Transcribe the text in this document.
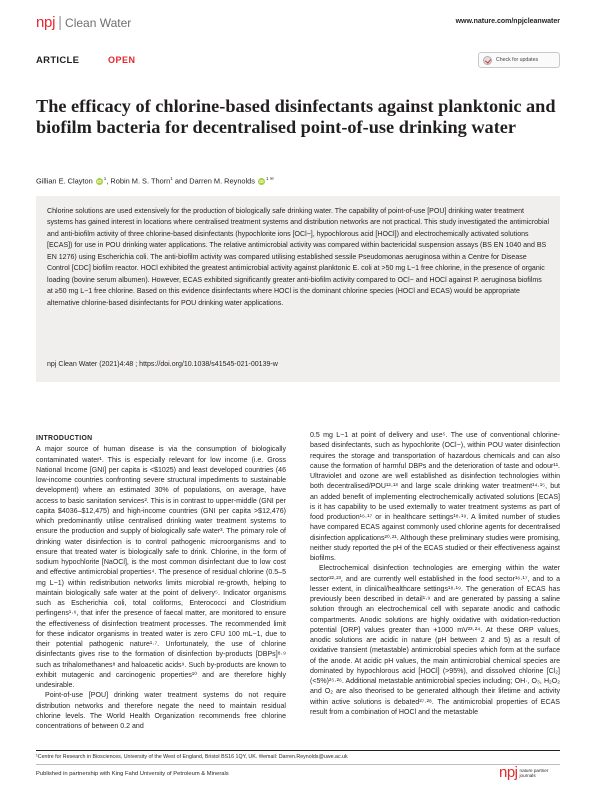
npj | Clean Water	www.nature.com/npjcleanwater
ARTICLE	OPEN	Check for updates
The efficacy of chlorine-based disinfectants against planktonic and biofilm bacteria for decentralised point-of-use drinking water
Gillian E. Clayton $iD^1$, Robin M. S. Thorn$^1$ and Darren M. Reynolds $iD^{1 ✉}$

Chlorine solutions are used extensively for the production of biologically safe drinking water. The capability of point-of-use [POU] drinking water treatment systems has gained interest in locations where centralised treatment systems and distribution networks are not practical. This study investigated the antimicrobial and anti-biofilm activity of three chlorine-based disinfectants (hypochlorite ions [OCl−], hypochlorous acid [HOCl]) and electrochemically activated solutions [ECAS]) for use in POU drinking water applications. The relative antimicrobial activity was compared within bactericidal suspension assays (BS EN 1040 and BS EN 1276) using Escherichia coli. The anti-biofilm activity was compared utilising established sessile Pseudomonas aeruginosa within a Centre for Disease Control [CDC] biofilm reactor. HOCl exhibited the greatest antimicrobial activity against planktonic E. coli at >50 mg L−1 free chlorine, in the presence of organic loading (bovine serum albumen). However, ECAS exhibited significantly greater anti-biofilm activity compared to OCl− and HOCl against P. aeruginosa biofilms at ≥50 mg L−1 free chlorine. Based on this evidence disinfectants where HOCl is the dominant chlorine species (HOCl and ECAS) would be appropriate alternative chlorine-based disinfectants for POU drinking water applications.

npj Clean Water (2021)4:48 ; https://doi.org/10.1038/s41545-021-00139-w

INTRODUCTION

A major source of human disease is via the consumption of biologically contaminated water¹. This is especially relevant for low income (i.e. Gross National Income [GNI] per capita is <$1025) and least developed countries (46 low-income countries confronting severe structural impediments to sustainable development) where an estimated 30% of populations, on average, have access to basic sanitation services². This is in contrast to upper-middle (GNI per capita $4036–$12,475) and high-income countries (GNI per capita >$12,476) which predominantly utilise centralised drinking water treatment systems to ensure the production and supply of biologically safe water³. The primary role of drinking water disinfection is to control pathogenic microorganisms and to ensure that treated water is biologically safe to drink. Chlorine, in the form of sodium hypochlorite [NaOCl], is the most common disinfectant due to low cost and effective antimicrobial properties⁴. The presence of residual chlorine (0.5–5 mg L−1) within redistribution networks limits microbial re-growth, helping to maintain biologically safe water at the point of delivery⁵. Indicator organisms such as Escherichia coli, total coliforms, Enterococci and Clostridium perfingens¹·⁶, that infer the presence of faecal matter, are monitored to ensure the effectiveness of disinfection treatment processes. The recommended limit for these indicator organisms in treated water is zero CFU 100 mL−1, due to their potential pathogenic nature¹·⁷. Unfortunately, the use of chlorine disinfectants gives rise to the formation of disinfection by-products [DBPs]⁸·⁹ such as trihalomethanes⁸ and haloacetic acids⁹. Such by-products are known to exhibit mutagenic and carcinogenic properties¹⁰ and are therefore highly undesirable.

Point-of-use [POU] drinking water treatment systems do not require distribution networks and therefore negate the need to maintain residual chlorine levels. The World Health Organization recommends free chlorine concentrations of between 0.2 and

0.5 mg L−1 at point of delivery and use⁵. The use of conventional chlorine-based disinfectants, such as hypochlorite (OCl−), within POU water disinfection requires the storage and transportation of hazardous chemicals and can also cause the formation of harmful DBPs and the deterioration of taste and odour¹¹. Ultraviolet and ozone are well established as disinfection technologies within both decentralised/POU¹²·¹³ and large scale drinking water treatment¹⁴·¹⁵, but an added benefit of implementing electrochemically activated solutions [ECAS] is it has capability to be used externally to water treatment systems as part of food production¹⁶·¹⁷ or in healthcare settings¹⁸·¹⁹. A limited number of studies have compared ECAS against commonly used chlorine agents for decentralised disinfection applications²⁰·²¹. Although these preliminary studies were promising, neither study reported the pH of the ECAS studied or their effectiveness against biofilms.

Electrochemical disinfection technologies are emerging within the water sector²²·²³, and are currently well established in the food sector¹⁶·¹⁷, and to a lesser extent, in clinical/healthcare settings¹⁸·¹⁹. The generation of ECAS has previously been described in detail¹·⁹ and are generated by passing a saline solution through an electrochemical cell with separate anodic and cathodic compartments. Anodic solutions are highly oxidative with oxidation-reduction potential [ORP] values greater than +1000 mV²³·²⁴. At these ORP values, anodic solutions are acidic in nature (pH between 2 and 5) as a result of oxidative transient (metastable) antimicrobial species which form at the surface of the anode. At acidic pH values, the main antimicrobial chemical species are dominated by hypochlorous acid [HOCl] (>95%), and dissolved chlorine [Cl₂] (<5%)²⁵·²⁶. Additional metastable antimicrobial species including; OH·, O₃, H₂O₂ and O₂ are also theorised to be generated although their lifetime and activity within active solutions is debated²⁷·²⁸. The antimicrobial properties of ECAS result from a combination of HOCl and the metastable

¹Centre for Research in Biosciences, University of the West of England, Bristol BS16 1QY, UK. ✉email: Darren.Reynolds@uwe.ac.uk

Published in partnership with King Fahd University of Petroleum & Minerals	npj nature partner
journals
